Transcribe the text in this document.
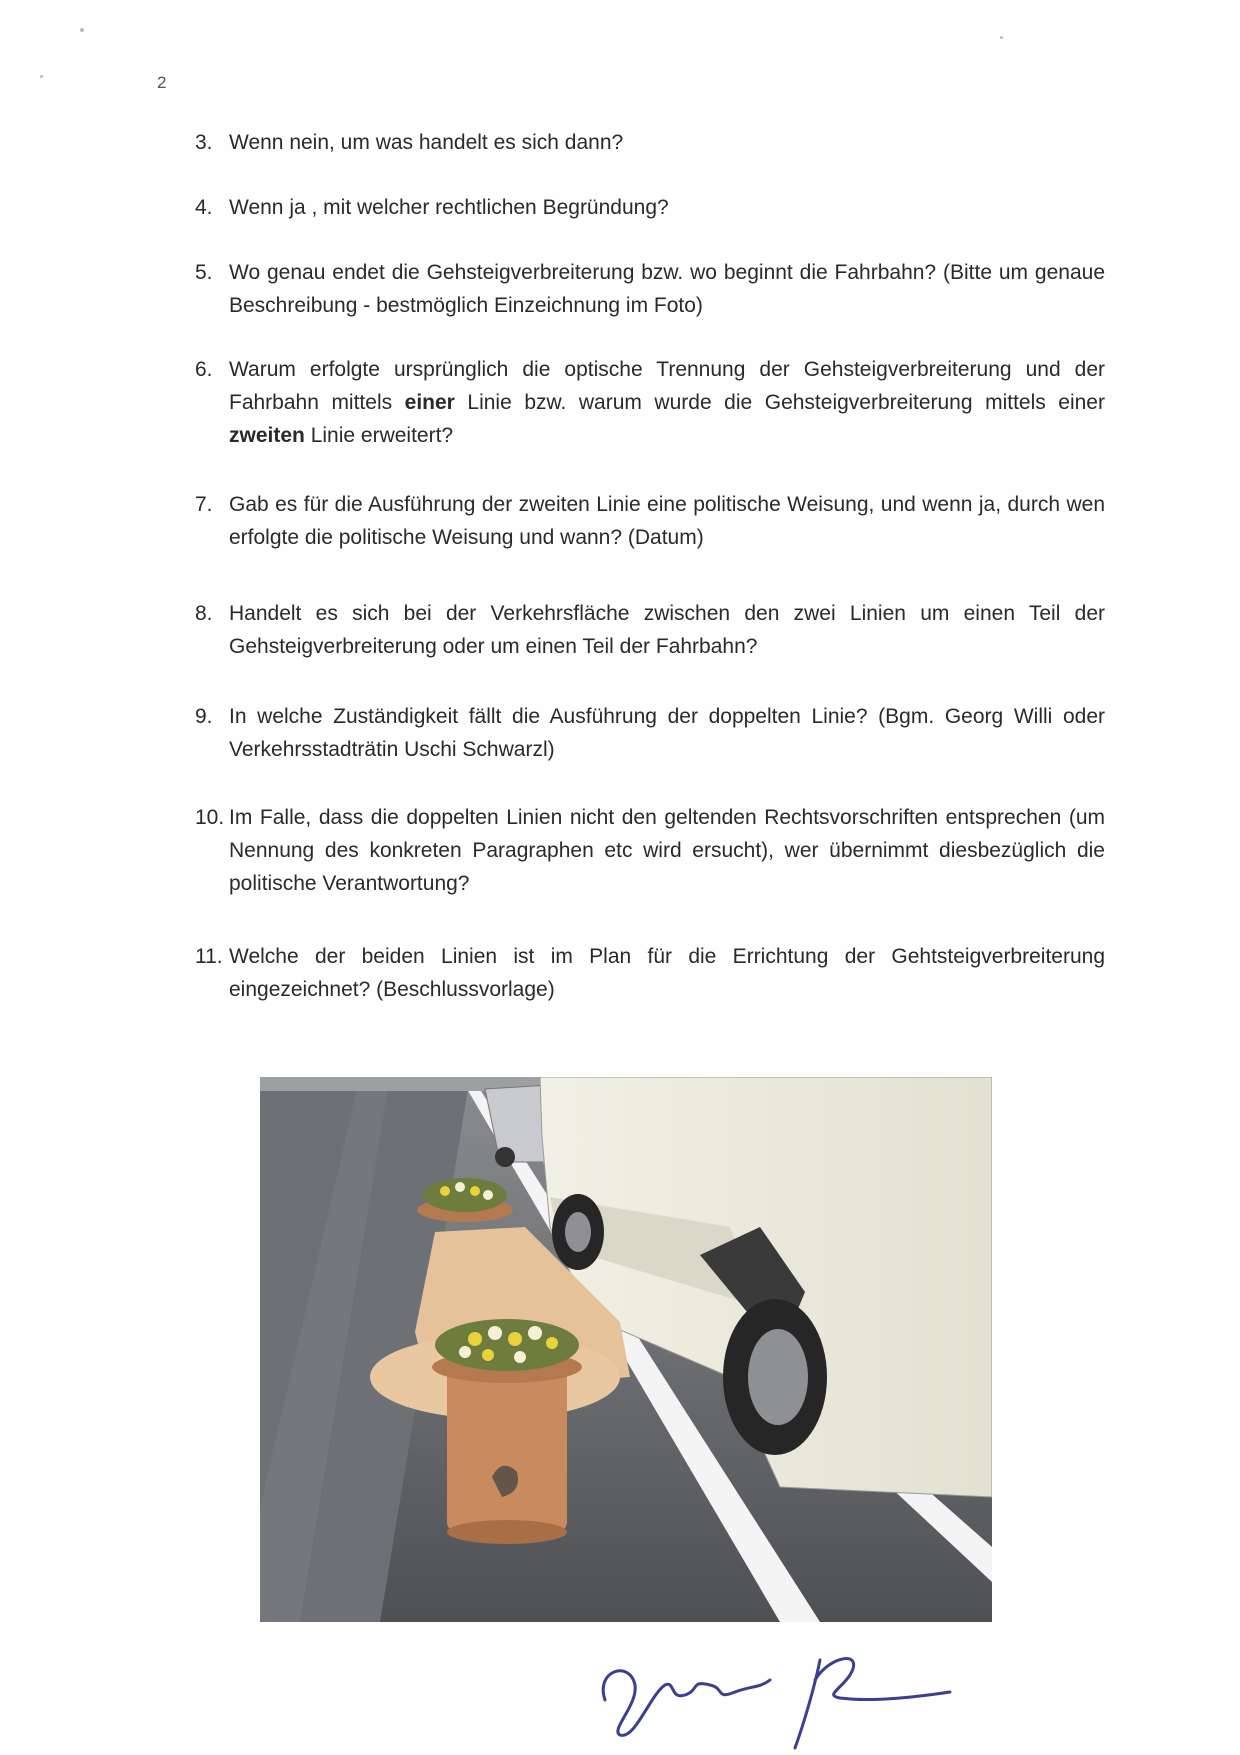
2
3. Wenn nein, um was handelt es sich dann?
4. Wenn ja , mit welcher rechtlichen Begründung?
5. Wo genau endet die Gehsteigverbreiterung bzw. wo beginnt die Fahrbahn? (Bitte um genaue Beschreibung - bestmöglich Einzeichnung im Foto)
6. Warum erfolgte ursprünglich die optische Trennung der Gehsteigverbreiterung und der Fahrbahn mittels einer Linie bzw. warum wurde die Gehsteigverbreiterung mittels einer zweiten Linie erweitert?
7. Gab es für die Ausführung der zweiten Linie eine politische Weisung, und wenn ja, durch wen erfolgte die politische Weisung und wann? (Datum)
8. Handelt es sich bei der Verkehrsfläche zwischen den zwei Linien um einen Teil der Gehsteigverbreiterung oder um einen Teil der Fahrbahn?
9. In welche Zuständigkeit fällt die Ausführung der doppelten Linie? (Bgm. Georg Willi oder Verkehrsstadträtin Uschi Schwarzl)
10. Im Falle, dass die doppelten Linien nicht den geltenden Rechtsvorschriften entsprechen (um Nennung des konkreten Paragraphen etc wird ersucht), wer übernimmt diesbezüglich die politische Verantwortung?
11. Welche der beiden Linien ist im Plan für die Errichtung der Gehtsteigverbreiterung eingezeichnet? (Beschlussvorlage)
